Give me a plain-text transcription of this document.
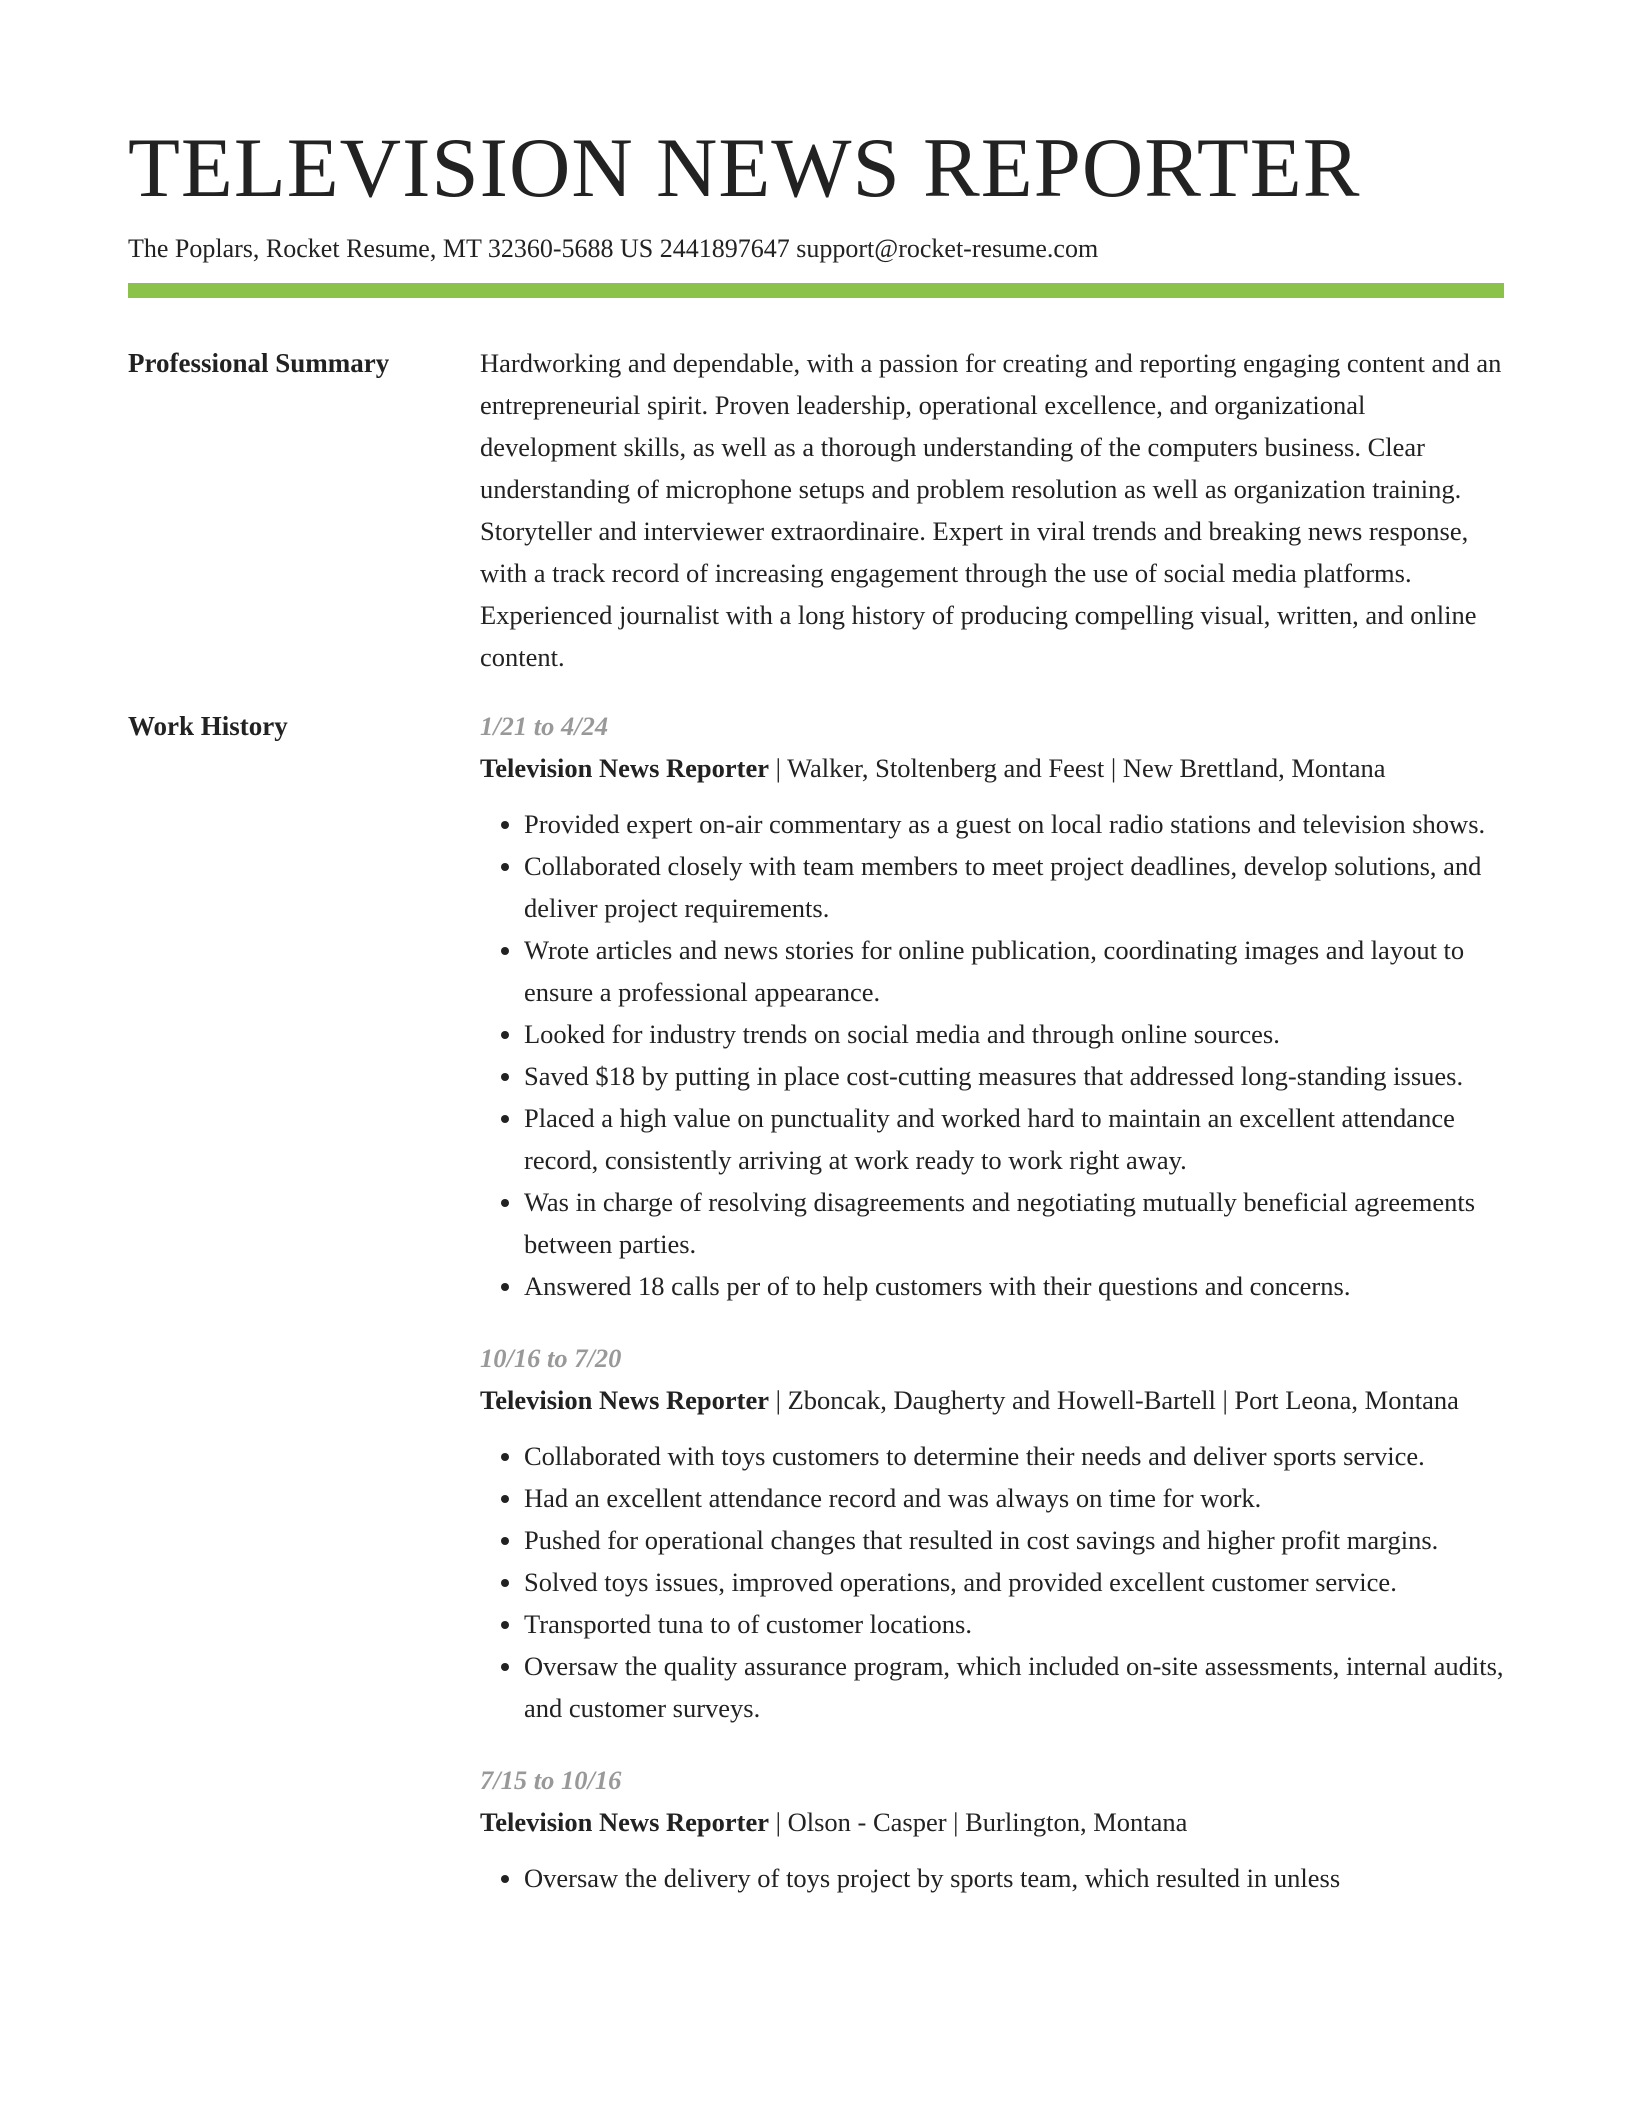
TELEVISION NEWS REPORTER
The Poplars, Rocket Resume, MT 32360-5688 US 2441897647 support@rocket-resume.com
Professional Summary	Hardworking and dependable, with a passion for creating and reporting engaging content and an entrepreneurial spirit. Proven leadership, operational excellence, and organizational development skills, as well as a thorough understanding of the computers business. Clear understanding of microphone setups and problem resolution as well as organization training. Storyteller and interviewer extraordinaire. Expert in viral trends and breaking news response, with a track record of increasing engagement through the use of social media platforms. Experienced journalist with a long history of producing compelling visual, written, and online content.

Work History	1/21 to 4/24
Television News Reporter | Walker, Stoltenberg and Feest | New Brettland, Montana
• Provided expert on-air commentary as a guest on local radio stations and television shows.
• Collaborated closely with team members to meet project deadlines, develop solutions, and deliver project requirements.
• Wrote articles and news stories for online publication, coordinating images and layout to ensure a professional appearance.
• Looked for industry trends on social media and through online sources.
• Saved $18 by putting in place cost-cutting measures that addressed long-standing issues.
• Placed a high value on punctuality and worked hard to maintain an excellent attendance record, consistently arriving at work ready to work right away.
• Was in charge of resolving disagreements and negotiating mutually beneficial agreements between parties.
• Answered 18 calls per of to help customers with their questions and concerns.
10/16 to 7/20
Television News Reporter | Zboncak, Daugherty and Howell-Bartell | Port Leona, Montana
• Collaborated with toys customers to determine their needs and deliver sports service.
• Had an excellent attendance record and was always on time for work.
• Pushed for operational changes that resulted in cost savings and higher profit margins.
• Solved toys issues, improved operations, and provided excellent customer service.
• Transported tuna to of customer locations.
• Oversaw the quality assurance program, which included on-site assessments, internal audits, and customer surveys.
7/15 to 10/16
Television News Reporter | Olson - Casper | Burlington, Montana
• Oversaw the delivery of toys project by sports team, which resulted in unless
